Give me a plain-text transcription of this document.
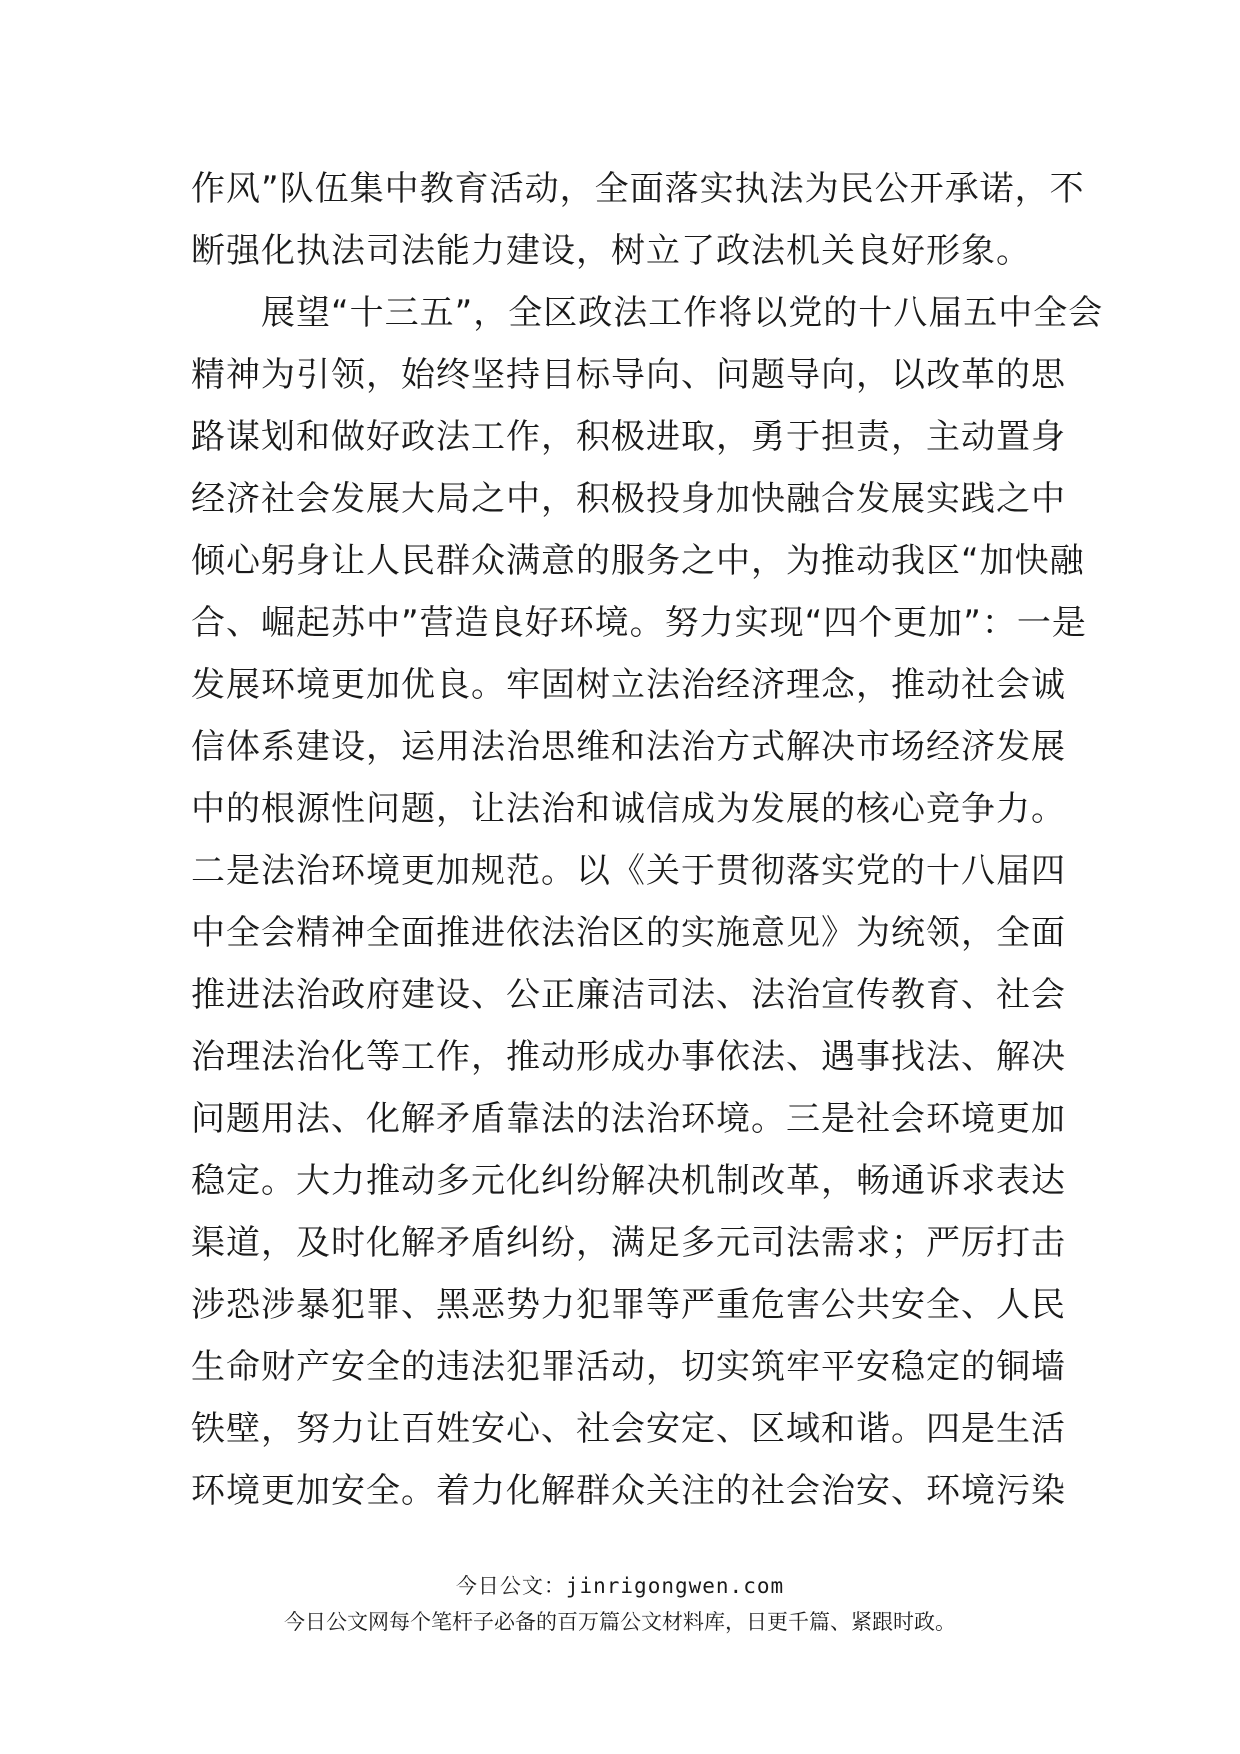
作风”队伍集中教育活动，全面落实执法为民公开承诺，不
断强化执法司法能力建设，树立了政法机关良好形象。
　　展望“十三五”，全区政法工作将以党的十八届五中全会
精神为引领，始终坚持目标导向、问题导向，以改革的思
路谋划和做好政法工作，积极进取，勇于担责，主动置身
经济社会发展大局之中，积极投身加快融合发展实践之中
倾心躬身让人民群众满意的服务之中，为推动我区“加快融
合、崛起苏中”营造良好环境。努力实现“四个更加”：一是
发展环境更加优良。牢固树立法治经济理念，推动社会诚
信体系建设，运用法治思维和法治方式解决市场经济发展
中的根源性问题，让法治和诚信成为发展的核心竞争力。
二是法治环境更加规范。以《关于贯彻落实党的十八届四
中全会精神全面推进依法治区的实施意见》为统领，全面
推进法治政府建设、公正廉洁司法、法治宣传教育、社会
治理法治化等工作，推动形成办事依法、遇事找法、解决
问题用法、化解矛盾靠法的法治环境。三是社会环境更加
稳定。大力推动多元化纠纷解决机制改革，畅通诉求表达
渠道，及时化解矛盾纠纷，满足多元司法需求；严厉打击
涉恐涉暴犯罪、黑恶势力犯罪等严重危害公共安全、人民
生命财产安全的违法犯罪活动，切实筑牢平安稳定的铜墙
铁壁，努力让百姓安心、社会安定、区域和谐。四是生活
环境更加安全。着力化解群众关注的社会治安、环境污染
今日公文：jinrigongwen.com
今日公文网每个笔杆子必备的百万篇公文材料库，日更千篇、紧跟时政。
